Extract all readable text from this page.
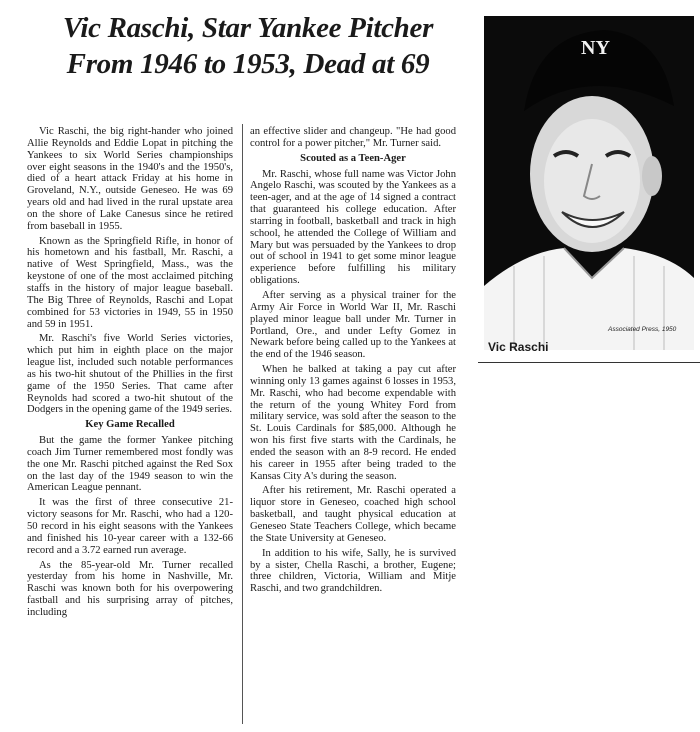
Vic Raschi, Star Yankee Pitcher
From 1946 to 1953, Dead at 69

Vic Raschi, the big right-hander who joined Allie Reynolds and Eddie Lopat in pitching the Yankees to six World Series championships over eight seasons in the 1940's and the 1950's, died of a heart attack Friday at his home in Groveland, N.Y., outside Geneseo. He was 69 years old and had lived in the rural upstate area on the shore of Lake Canesus since he retired from baseball in 1955.

Known as the Springfield Rifle, in honor of his hometown and his fastball, Mr. Raschi, a native of West Springfield, Mass., was the keystone of one of the most acclaimed pitching staffs in the history of major league baseball. The Big Three of Reynolds, Raschi and Lopat combined for 53 victories in 1949, 55 in 1950 and 59 in 1951.

Mr. Raschi's five World Series victories, which put him in eighth place on the major league list, included such notable performances as his two-hit shutout of the Phillies in the first game of the 1950 Series. That came after Reynolds had scored a two-hit shutout of the Dodgers in the opening game of the 1949 series.

Key Game Recalled

But the game the former Yankee pitching coach Jim Turner remembered most fondly was the one Mr. Raschi pitched against the Red Sox on the last day of the 1949 season to win the American League pennant.

It was the first of three consecutive 21-victory seasons for Mr. Raschi, who had a 120-50 record in his eight seasons with the Yankees and finished his 10-year career with a 132-66 record and a 3.72 earned run average.

As the 85-year-old Mr. Turner recalled yesterday from his home in Nashville, Mr. Raschi was known both for his overpowering fastball and his surprising array of pitches, including

an effective slider and changeup. "He had good control for a power pitcher," Mr. Turner said.

Scouted as a Teen-Ager

Mr. Raschi, whose full name was Victor John Angelo Raschi, was scouted by the Yankees as a teen-ager, and at the age of 14 signed a contract that guaranteed his college education. After starring in football, basketball and track in high school, he attended the College of William and Mary but was persuaded by the Yankees to drop out of school in 1941 to get some minor league experience before fulfilling his military obligations.

After serving as a physical trainer for the Army Air Force in World War II, Mr. Raschi played minor league ball under Mr. Turner in Portland, Ore., and under Lefty Gomez in Newark before being called up to the Yankees at the end of the 1946 season.

When he balked at taking a pay cut after winning only 13 games against 6 losses in 1953, Mr. Raschi, who had become expendable with the return of the young Whitey Ford from military service, was sold after the season to the St. Louis Cardinals for $85,000. Although he won his first five starts with the Cardinals, he ended the season with an 8-9 record. He ended his career in 1955 after being traded to the Kansas City A's during the season.

After his retirement, Mr. Raschi operated a liquor store in Geneseo, coached high school basketball, and taught physical education at Geneseo State Teachers College, which became the State University at Geneseo.

In addition to his wife, Sally, he is survived by a sister, Chella Raschi, a brother, Eugene; three children, Victoria, William and Mitje Raschi, and two grandchildren.

NY
Associated Press, 1950
Vic Raschi
